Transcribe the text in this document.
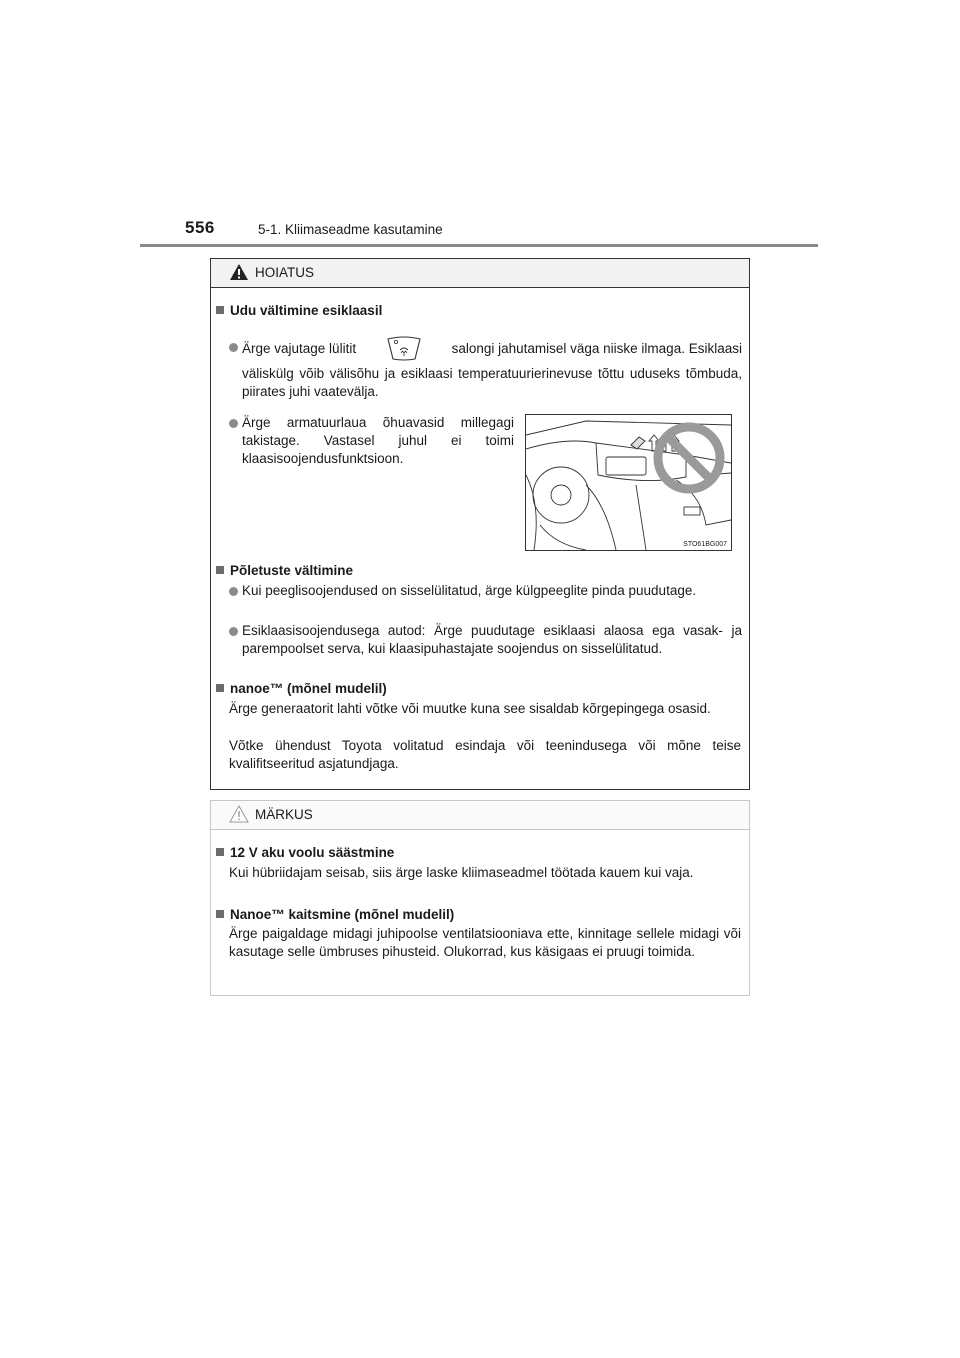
556	5-1. Kliimaseadme kasutamine
HOIATUS
Udu vältimine esiklaasil
Ärge vajutage lülitit	salongi jahutamisel väga niiske ilmaga. Esiklaasi
väliskülg võib välisõhu ja esiklaasi temperatuurierinevuse tõttu uduseks tõmbuda, piirates juhi vaatevälja.
Ärge armatuurlaua õhuavasid millegagi takistage. Vastasel juhul ei toimi klaasisoojendusfunktsioon.
STO61BG007
Põletuste vältimine
Kui peeglisoojendused on sisselülitatud, ärge külgpeeglite pinda puudutage.
Esiklaasisoojendusega autod: Ärge puudutage esiklaasi alaosa ega vasak- ja parempoolset serva, kui klaasipuhastajate soojendus on sisselülitatud.
nanoe™ (mõnel mudelil)
Ärge generaatorit lahti võtke või muutke kuna see sisaldab kõrgepingega osasid.
Võtke ühendust Toyota volitatud esindaja või teenindusega või mõne teise kvalifitseeritud asjatundjaga.
MÄRKUS
12 V aku voolu säästmine
Kui hübriidajam seisab, siis ärge laske kliimaseadmel töötada kauem kui vaja.
Nanoe™ kaitsmine (mõnel mudelil)
Ärge paigaldage midagi juhipoolse ventilatsiooniava ette, kinnitage sellele midagi või kasutage selle ümbruses pihusteid. Olukorrad, kus käsigaas ei pruugi toimida.
